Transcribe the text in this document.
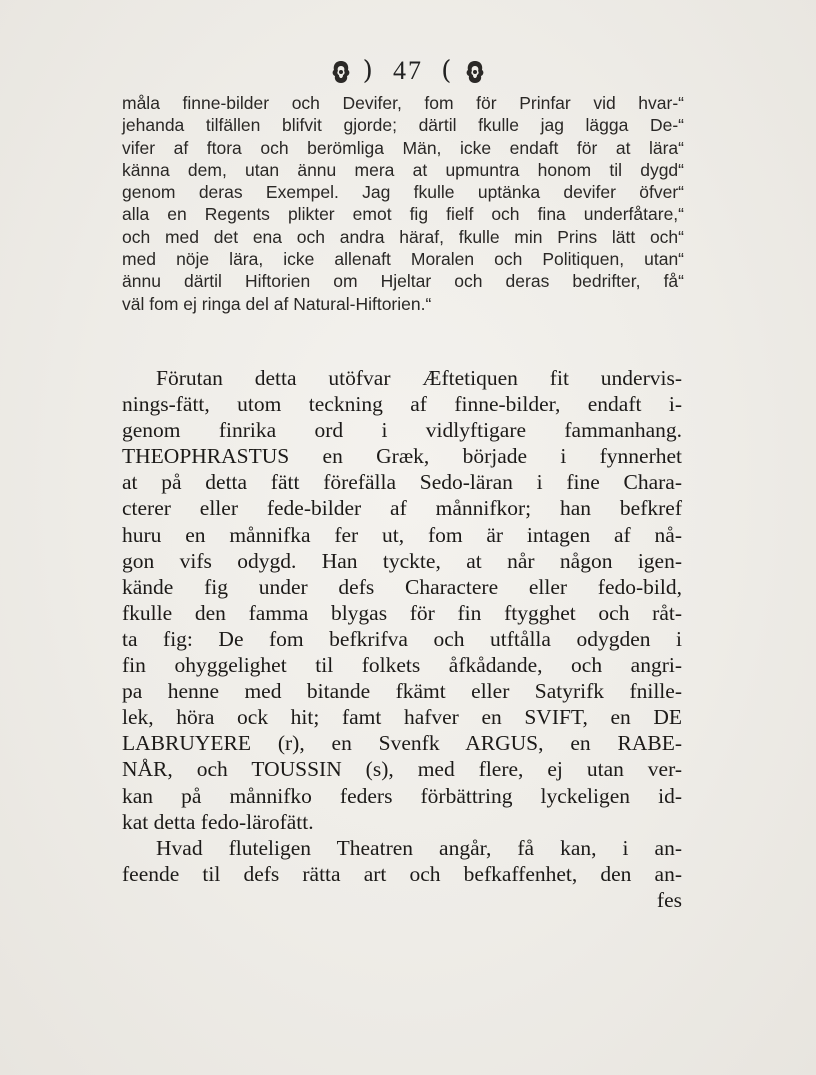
) 47 (
måla finne-bilder och Devifer, fom för Prinfar vid hvar-“
jehanda tilfällen blifvit gjorde; därtil fkulle jag lägga De-“
vifer af ftora och berömliga Män, icke endaft för at lära“
känna dem, utan ännu mera at upmuntra honom til dygd“
genom deras Exempel. Jag fkulle uptänka devifer öfver“
alla en Regents plikter emot fig fielf och fina underfåtare,“
och med det ena och andra häraf, fkulle min Prins lätt och“
med nöje lära, icke allenaft Moralen och Politiquen, utan“
ännu därtil Hiftorien om Hjeltar och deras bedrifter, få“
väl fom ej ringa del af Natural-Hiftorien.“
Förutan detta utöfvar Æftetiquen fit undervis-
nings-fätt, utom teckning af finne-bilder, endaft i-
genom finrika ord i vidlyftigare fammanhang.
THEOPHRASTUS en Græk, började i fynnerhet
at på detta fätt förefälla Sedo-läran i fine Chara-
cterer eller fede-bilder af månnifkor; han befkref
huru en månnifka fer ut, fom är intagen af nå-
gon vifs odygd. Han tyckte, at når någon igen-
kände fig under defs Charactere eller fedo-bild,
fkulle den famma blygas för fin ftygghet och råt-
ta fig: De fom befkrifva och utftålla odygden i
fin ohyggelighet til folkets åfkådande, och angri-
pa henne med bitande fkämt eller Satyrifk fnille-
lek, höra ock hit; famt hafver en SVIFT, en DE
LABRUYERE (r), en Svenfk ARGUS, en RABE-
NÅR, och TOUSSIN (s), med flere, ej utan ver-
kan på månnifko feders förbättring lyckeligen id-
kat detta fedo-lärofätt.
Hvad fluteligen Theatren angår, få kan, i an-
feende til defs rätta art och befkaffenhet, den an-
fes
